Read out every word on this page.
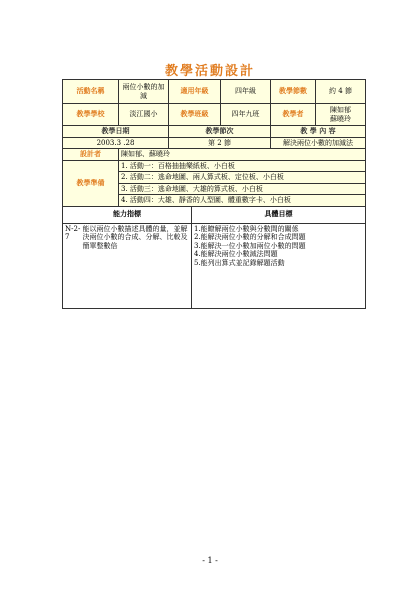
教學活動設計
活動名稱	兩位小數的加減	適用年級	四年級	教學節數	約 4 節
教學學校	淡江國小	教學班級	四年九班	教學者	陳如郁
蘇曉玲
教學日期		教學節次		教 學 內 容	
2003.3 .28		第 2 節		解決兩位小數的加減法	
設計者	陳如郁、蘇曉玲				
教學準備	1. 活動一：百格抽抽樂紙板、小白板				
	2. 活動二：逃命地圖、兩人算式板、定位板、小白板				
	3. 活動三：逃命地圖、大雄的算式板、小白板				
	4. 活動四：大雄、靜香的人型圖、體重數字卡、小白板				
能力指標		具體目標
N-2-7	能以兩位小數描述具體的量，並解決兩位小數的合成、分解、比較及簡單整數倍	1.能瞭解兩位小數與分數間的關係
2.能解決兩位小數的分解和合成問題
3.能解決一位小數加兩位小數的問題
4.能解決兩位小數減法問題
5.能列出算式並記錄解題活動
- 1 -
